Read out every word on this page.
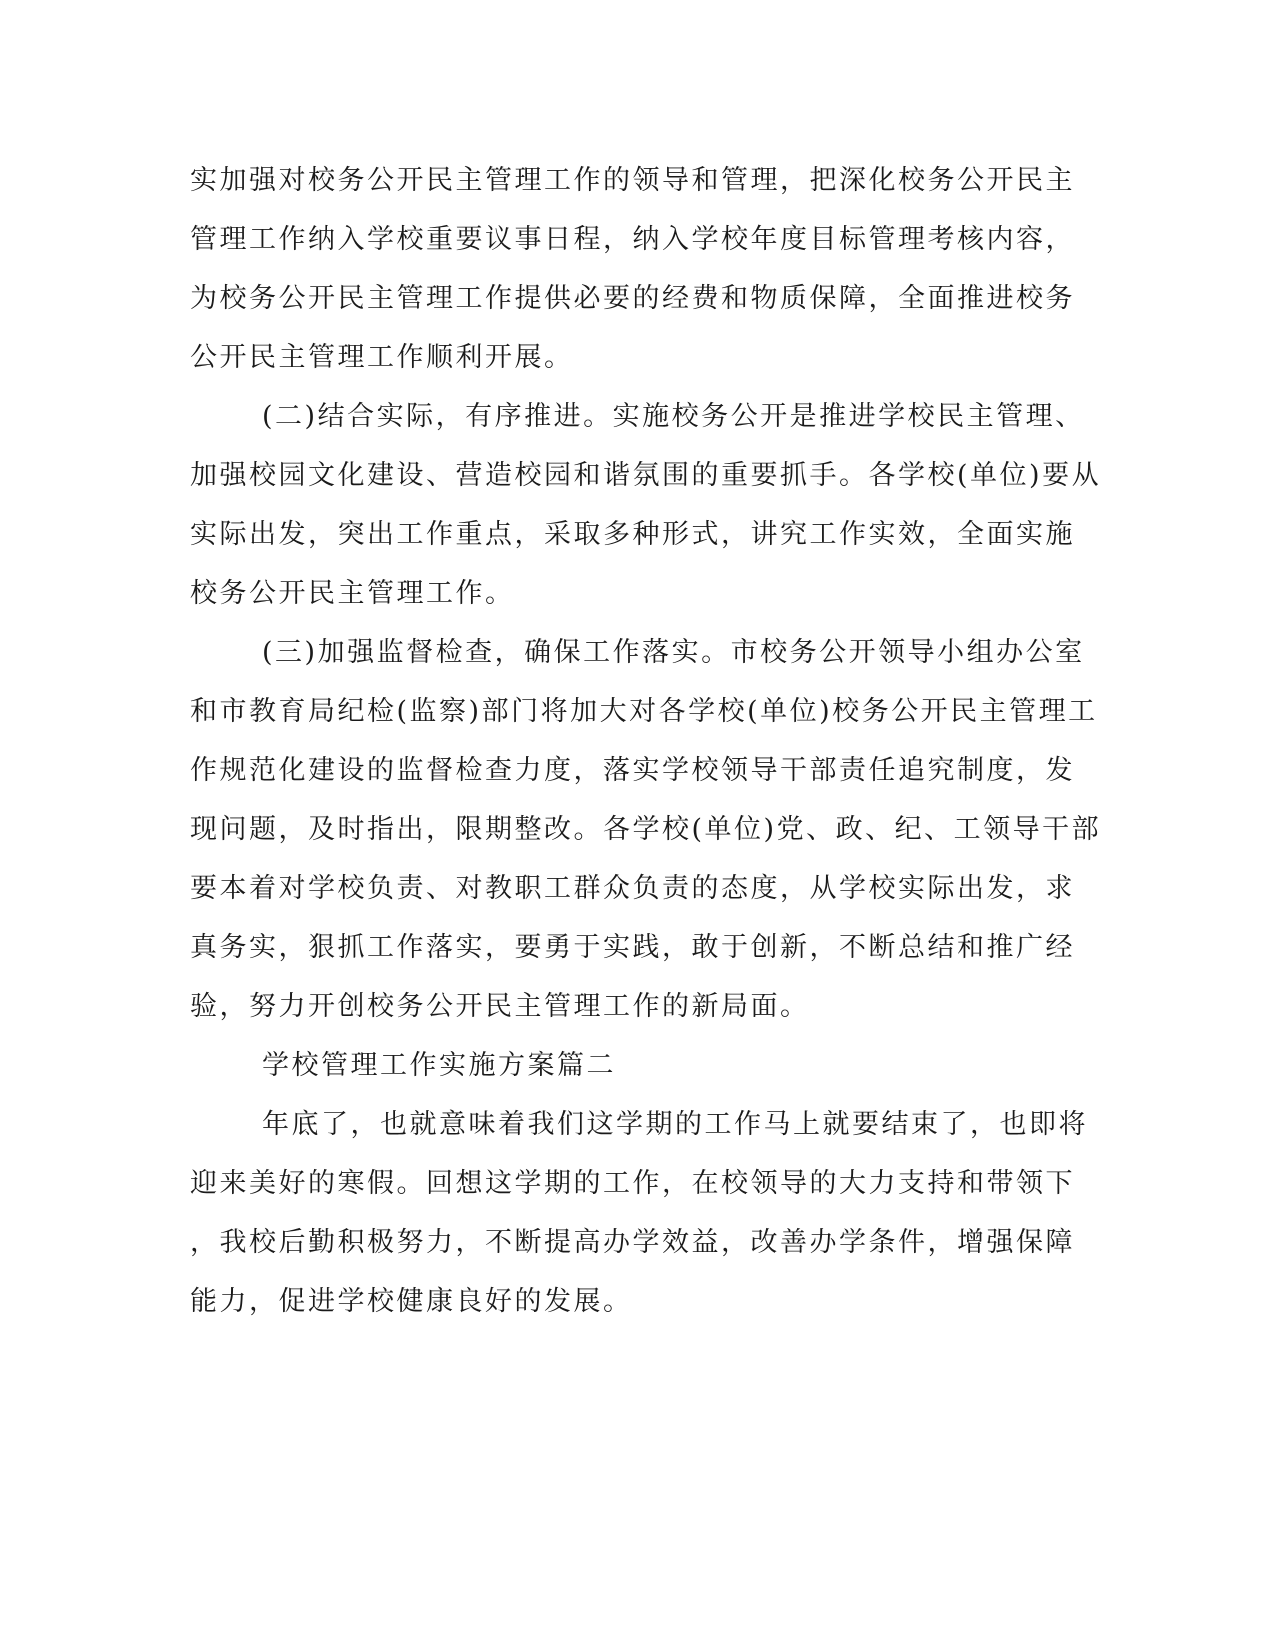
实加强对校务公开民主管理工作的领导和管理，把深化校务公开民主
管理工作纳入学校重要议事日程，纳入学校年度目标管理考核内容，
为校务公开民主管理工作提供必要的经费和物质保障，全面推进校务
公开民主管理工作顺利开展。
(二)结合实际，有序推进。实施校务公开是推进学校民主管理、
加强校园文化建设、营造校园和谐氛围的重要抓手。各学校(单位)要从
实际出发，突出工作重点，采取多种形式，讲究工作实效，全面实施
校务公开民主管理工作。
(三)加强监督检查，确保工作落实。市校务公开领导小组办公室
和市教育局纪检(监察)部门将加大对各学校(单位)校务公开民主管理工
作规范化建设的监督检查力度，落实学校领导干部责任追究制度，发
现问题，及时指出，限期整改。各学校(单位)党、政、纪、工领导干部
要本着对学校负责、对教职工群众负责的态度，从学校实际出发，求
真务实，狠抓工作落实，要勇于实践，敢于创新，不断总结和推广经
验，努力开创校务公开民主管理工作的新局面。
学校管理工作实施方案篇二
年底了，也就意味着我们这学期的工作马上就要结束了，也即将
迎来美好的寒假。回想这学期的工作，在校领导的大力支持和带领下
，我校后勤积极努力，不断提高办学效益，改善办学条件，增强保障
能力，促进学校健康良好的发展。
